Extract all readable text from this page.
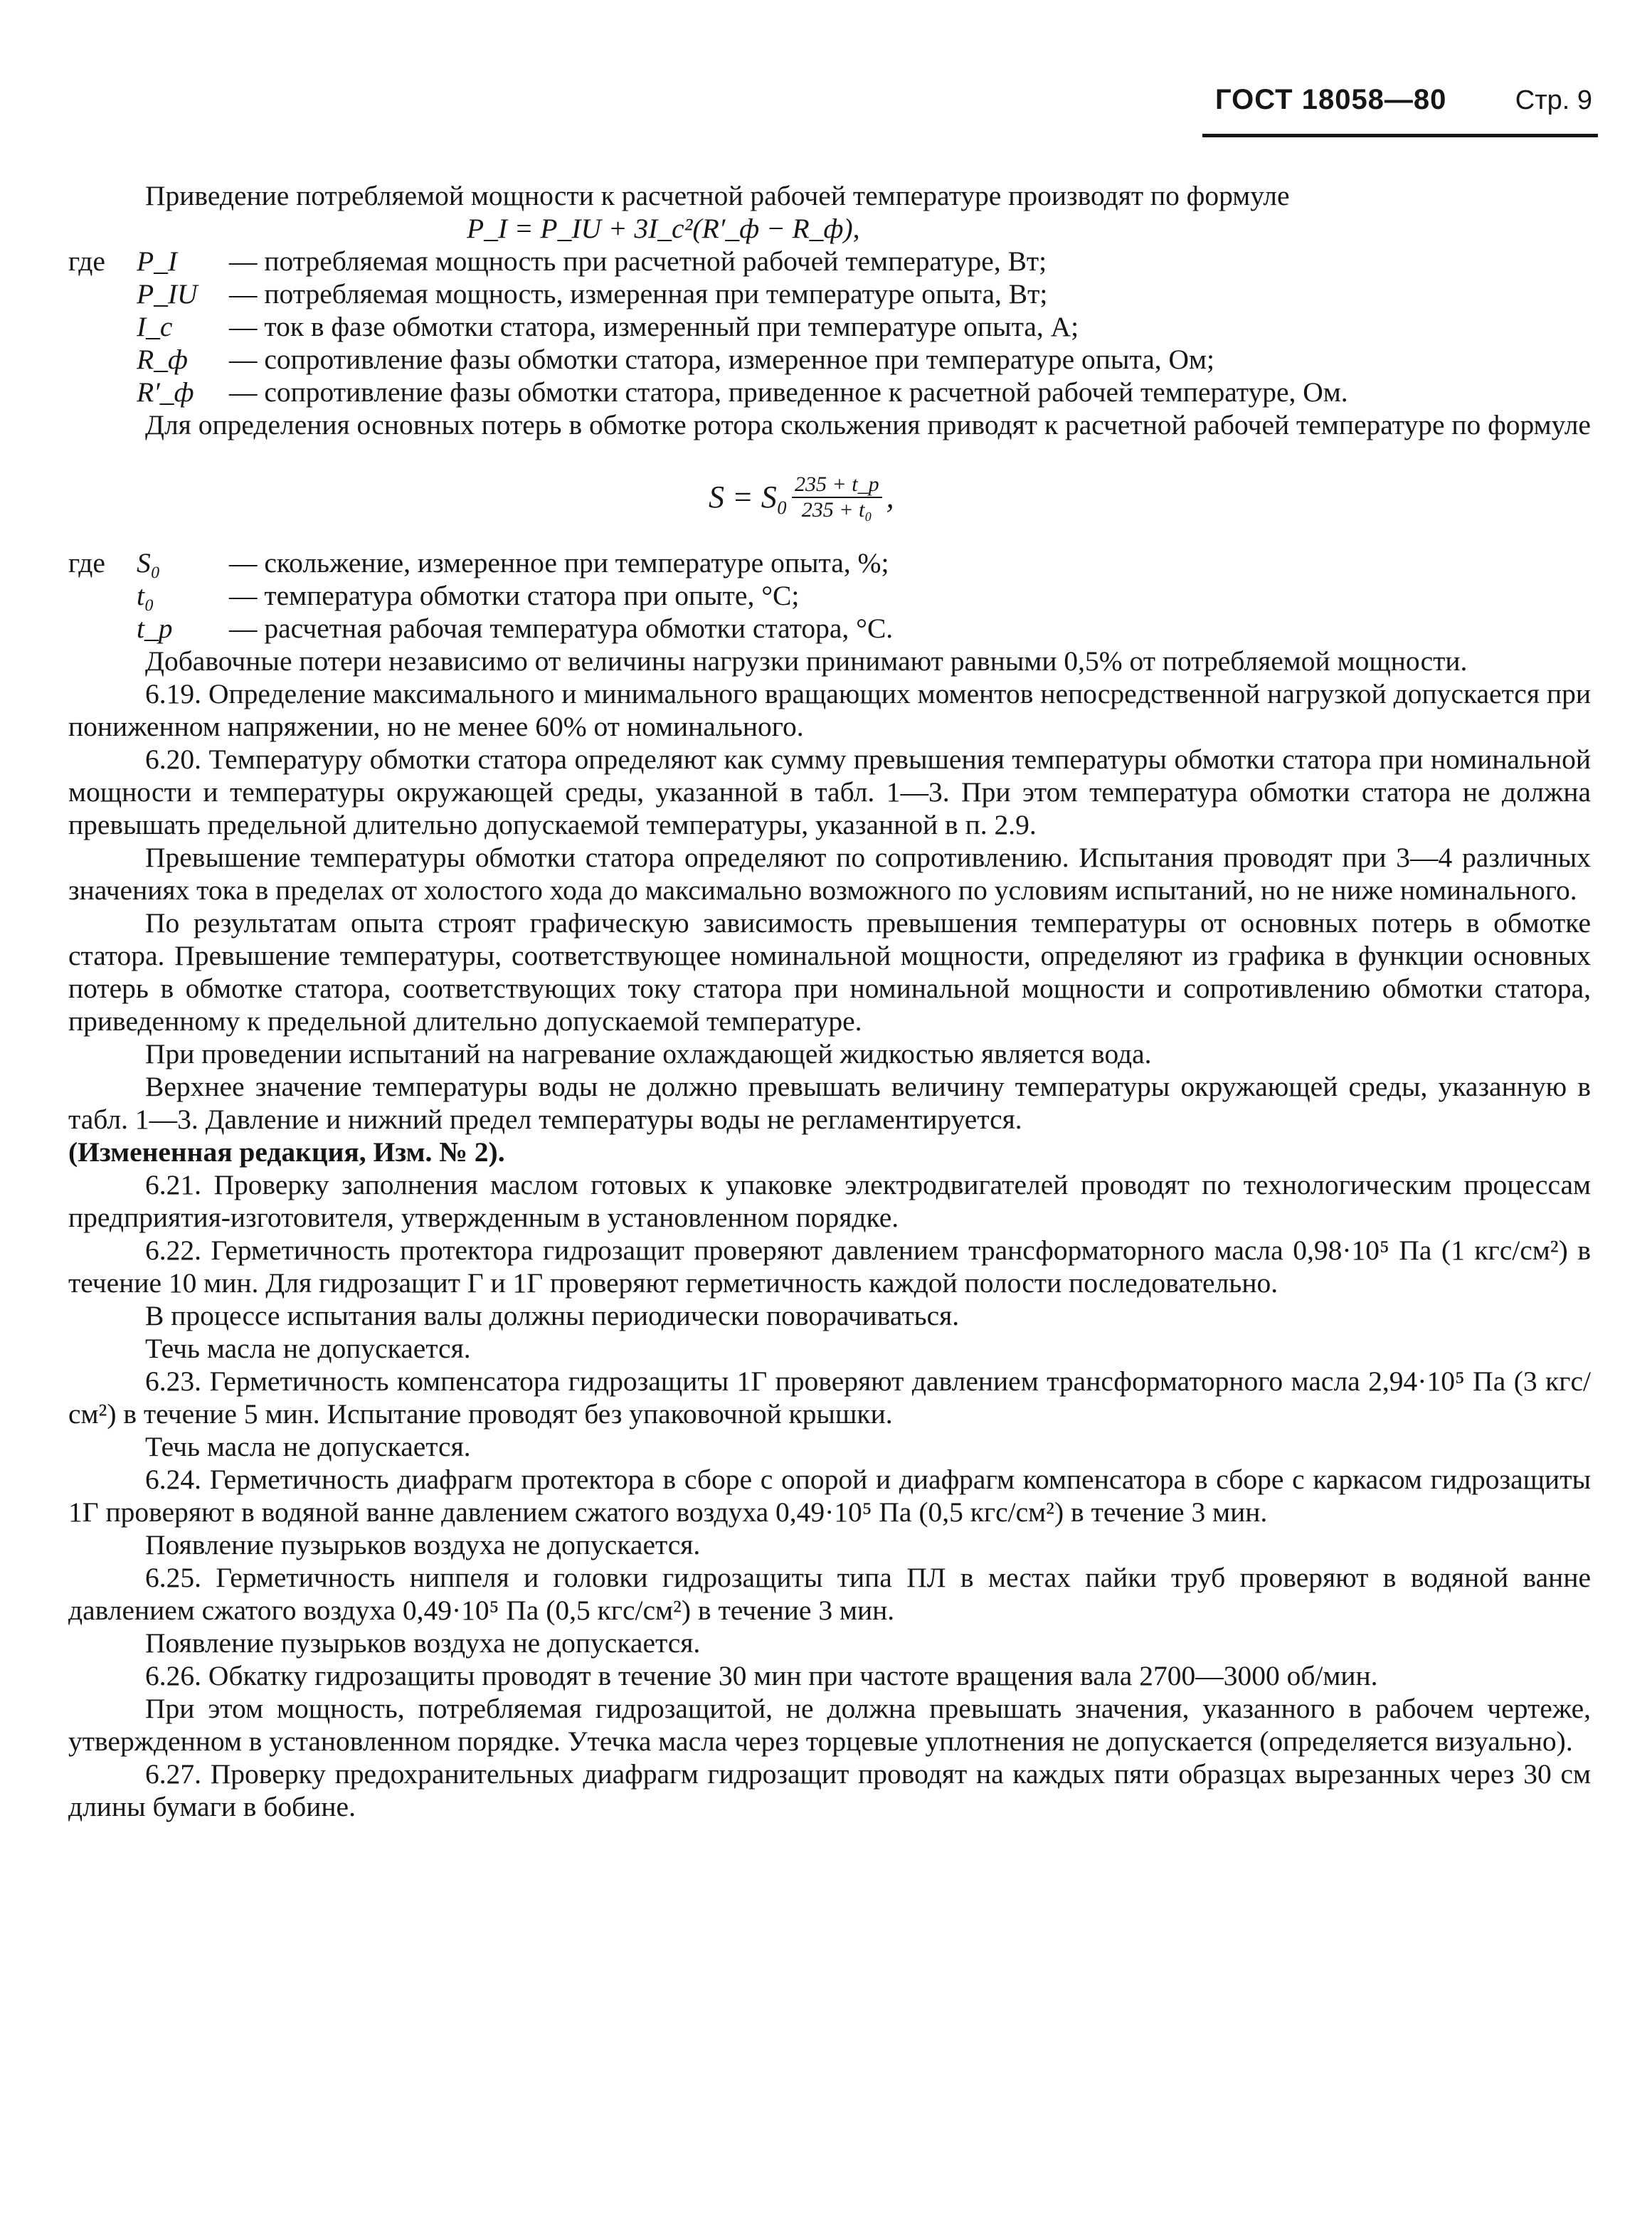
ГОСТ 18058—80	Стр. 9

Приведение потребляемой мощности к расчетной рабочей температуре производят по формуле

P_I = P_IU + 3I_c²(R′_ф − R_ф),

где	P_I	— потребляемая мощность при расчетной рабочей температуре, Вт;
P_IU	— потребляемая мощность, измеренная при температуре опыта, Вт;
I_c	— ток в фазе обмотки статора, измеренный при температуре опыта, А;
R_ф	— сопротивление фазы обмотки статора, измеренное при температуре опыта, Ом;
R′_ф	— сопротивление фазы обмотки статора, приведенное к расчетной рабочей температуре, Ом.

Для определения основных потерь в обмотке ротора скольжения приводят к расчетной рабочей температуре по формуле

$S = S_0 \frac{235 + t\_p}{\text{235 + t₀}}$ ,
где	S₀	— скольжение, измеренное при температуре опыта, %;
t₀	— температура обмотки статора при опыте, °С;
t_p	— расчетная рабочая температура обмотки статора, °С.

Добавочные потери независимо от величины нагрузки принимают равными 0,5% от потребляемой мощности.

6.19. Определение максимального и минимального вращающих моментов непосредственной нагрузкой допускается при пониженном напряжении, но не менее 60% от номинального.

6.20. Температуру обмотки статора определяют как сумму превышения температуры обмотки статора при номинальной мощности и температуры окружающей среды, указанной в табл. 1—3. При этом температура обмотки статора не должна превышать предельной длительно допускаемой температуры, указанной в п. 2.9.

Превышение температуры обмотки статора определяют по сопротивлению. Испытания проводят при 3—4 различных значениях тока в пределах от холостого хода до максимально возможного по условиям испытаний, но не ниже номинального.

По результатам опыта строят графическую зависимость превышения температуры от основных потерь в обмотке статора. Превышение температуры, соответствующее номинальной мощности, определяют из графика в функции основных потерь в обмотке статора, соответствующих току статора при номинальной мощности и сопротивлению обмотки статора, приведенному к предельной длительно допускаемой температуре.

При проведении испытаний на нагревание охлаждающей жидкостью является вода.

Верхнее значение температуры воды не должно превышать величину температуры окружающей среды, указанную в табл. 1—3. Давление и нижний предел температуры воды не регламентируется.

(Измененная редакция, Изм. № 2).

6.21. Проверку заполнения маслом готовых к упаковке электродвигателей проводят по технологическим процессам предприятия-изготовителя, утвержденным в установленном порядке.

6.22. Герметичность протектора гидрозащит проверяют давлением трансформаторного масла 0,98·10⁵ Па (1 кгс/см²) в течение 10 мин. Для гидрозащит Г и 1Г проверяют герметичность каждой полости последовательно.

В процессе испытания валы должны периодически поворачиваться.

Течь масла не допускается.

6.23. Герметичность компенсатора гидрозащиты 1Г проверяют давлением трансформаторного масла 2,94·10⁵ Па (3 кгс/см²) в течение 5 мин. Испытание проводят без упаковочной крышки.

Течь масла не допускается.

6.24. Герметичность диафрагм протектора в сборе с опорой и диафрагм компенсатора в сборе с каркасом гидрозащиты 1Г проверяют в водяной ванне давлением сжатого воздуха 0,49·10⁵ Па (0,5 кгс/см²) в течение 3 мин.

Появление пузырьков воздуха не допускается.

6.25. Герметичность ниппеля и головки гидрозащиты типа ПЛ в местах пайки труб проверяют в водяной ванне давлением сжатого воздуха 0,49·10⁵ Па (0,5 кгс/см²) в течение 3 мин.

Появление пузырьков воздуха не допускается.

6.26. Обкатку гидрозащиты проводят в течение 30 мин при частоте вращения вала 2700—3000 об/мин.

При этом мощность, потребляемая гидрозащитой, не должна превышать значения, указанного в рабочем чертеже, утвержденном в установленном порядке. Утечка масла через торцевые уплотнения не допускается (определяется визуально).

6.27. Проверку предохранительных диафрагм гидрозащит проводят на каждых пяти образцах вырезанных через 30 см длины бумаги в бобине.
